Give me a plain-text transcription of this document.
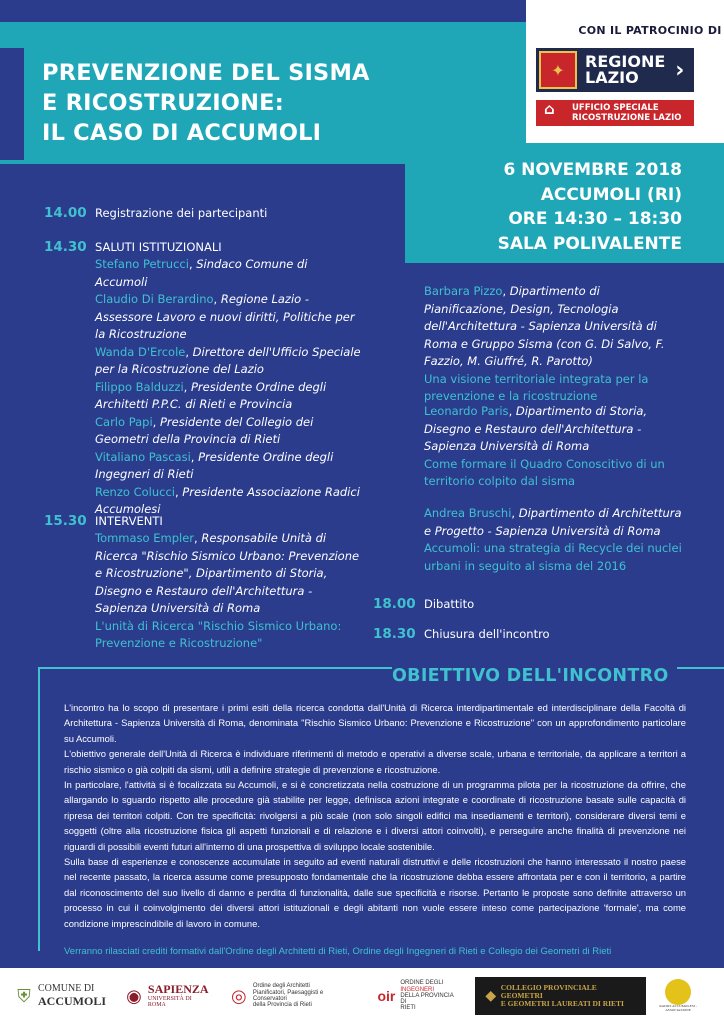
PREVENZIONE DEL SISMA
E RICOSTRUZIONE:
IL CASO DI ACCUMOLI
CON IL PATROCINIO DI
✦	REGIONE
LAZIO	›
⌂ UFFICIO SPECIALE
RICOSTRUZIONE LAZIO
6 NOVEMBRE 2018
ACCUMOLI (RI)
ORE 14:30 – 18:30
SALA POLIVALENTE
14.00 Registrazione dei partecipanti
14.30 SALUTI ISTITUZIONALI
Stefano Petrucci, Sindaco Comune di Accumoli
Claudio Di Berardino, Regione Lazio - Assessore Lavoro e nuovi diritti, Politiche per la Ricostruzione
Wanda D'Ercole, Direttore dell'Ufficio Speciale per la Ricostruzione del Lazio
Filippo Balduzzi, Presidente Ordine degli Architetti P.P.C. di Rieti e Provincia
Carlo Papi, Presidente del Collegio dei Geometri della Provincia di Rieti
Vitaliano Pascasi, Presidente Ordine degli Ingegneri di Rieti
Renzo Colucci, Presidente Associazione Radici Accumolesi
15.30 INTERVENTI
Tommaso Empler, Responsabile Unità di Ricerca "Rischio Sismico Urbano: Prevenzione e Ricostruzione", Dipartimento di Storia, Disegno e Restauro dell'Architettura - Sapienza Università di Roma
L'unità di Ricerca "Rischio Sismico Urbano: Prevenzione e Ricostruzione"
Barbara Pizzo, Dipartimento di Pianificazione, Design, Tecnologia dell'Architettura - Sapienza Università di Roma e Gruppo Sisma (con G. Di Salvo, F. Fazzio, M. Giuffré, R. Parotto)
Una visione territoriale integrata per la prevenzione e la ricostruzione
Leonardo Paris, Dipartimento di Storia, Disegno e Restauro dell'Architettura - Sapienza Università di Roma
Come formare il Quadro Conoscitivo di un territorio colpito dal sisma
Andrea Bruschi, Dipartimento di Architettura e Progetto - Sapienza Università di Roma
Accumoli: una strategia di Recycle dei nuclei urbani in seguito al sisma del 2016
18.00 Dibattito
18.30 Chiusura dell'incontro
OBIETTIVO DELL'INCONTRO

L'incontro ha lo scopo di presentare i primi esiti della ricerca condotta dall'Unità di Ricerca interdipartimentale ed interdisciplinare della Facoltà di Architettura - Sapienza Università di Roma, denominata "Rischio Sismico Urbano: Prevenzione e Ricostruzione" con un approfondimento particolare su Accumoli.

L'obiettivo generale dell'Unità di Ricerca è individuare riferimenti di metodo e operativi a diverse scale, urbana e territoriale, da applicare a territori a rischio sismico o già colpiti da sismi, utili a definire strategie di prevenzione e ricostruzione.

In particolare, l'attività si è focalizzata su Accumoli, e si è concretizzata nella costruzione di un programma pilota per la ricostruzione da offrire, che allargando lo sguardo rispetto alle procedure già stabilite per legge, definisca azioni integrate e coordinate di ricostruzione basate sulle capacità di ripresa dei territori colpiti. Con tre specificità: rivolgersi a più scale (non solo singoli edifici ma insediamenti e territori), considerare diversi temi e soggetti (oltre alla ricostruzione fisica gli aspetti funzionali e di relazione e i diversi attori coinvolti), e perseguire anche finalità di prevenzione nei riguardi di possibili eventi futuri all'interno di una prospettiva di sviluppo locale sostenibile.

Sulla base di esperienze e conoscenze accumulate in seguito ad eventi naturali distruttivi e delle ricostruzioni che hanno interessato il nostro paese nel recente passato, la ricerca assume come presupposto fondamentale che la ricostruzione debba essere affrontata per e con il territorio, a partire dal riconoscimento del suo livello di danno e perdita di funzionalità, dalle sue specificità e risorse. Pertanto le proposte sono definite attraverso un processo in cui il coinvolgimento dei diversi attori istituzionali e degli abitanti non vuole essere inteso come partecipazione 'formale', ma come condizione imprescindibile di lavoro in comune.

Verranno rilasciati crediti formativi dall'Ordine degli Architetti di Rieti, Ordine degli Ingegneri di Rieti e Collegio dei Geometri di Rieti
⛨ COMUNE DI
ACCUMOLI	◉ SAPIENZA
UNIVERSITÀ DI ROMA	◎	Ordine degli Architetti
Pianificatori, Paesaggisti e Conservatori
della Provincia di Rieti
oir
ORDINE DEGLI
INGEGNERI
DELLA PROVINCIA DI
RIETI
◆
COLLEGIO PROVINCIALE GEOMETRI
E GEOMETRI LAUREATI DI RIETI	RADICI ACCUMOLESI - ASSOCIAZIONE
